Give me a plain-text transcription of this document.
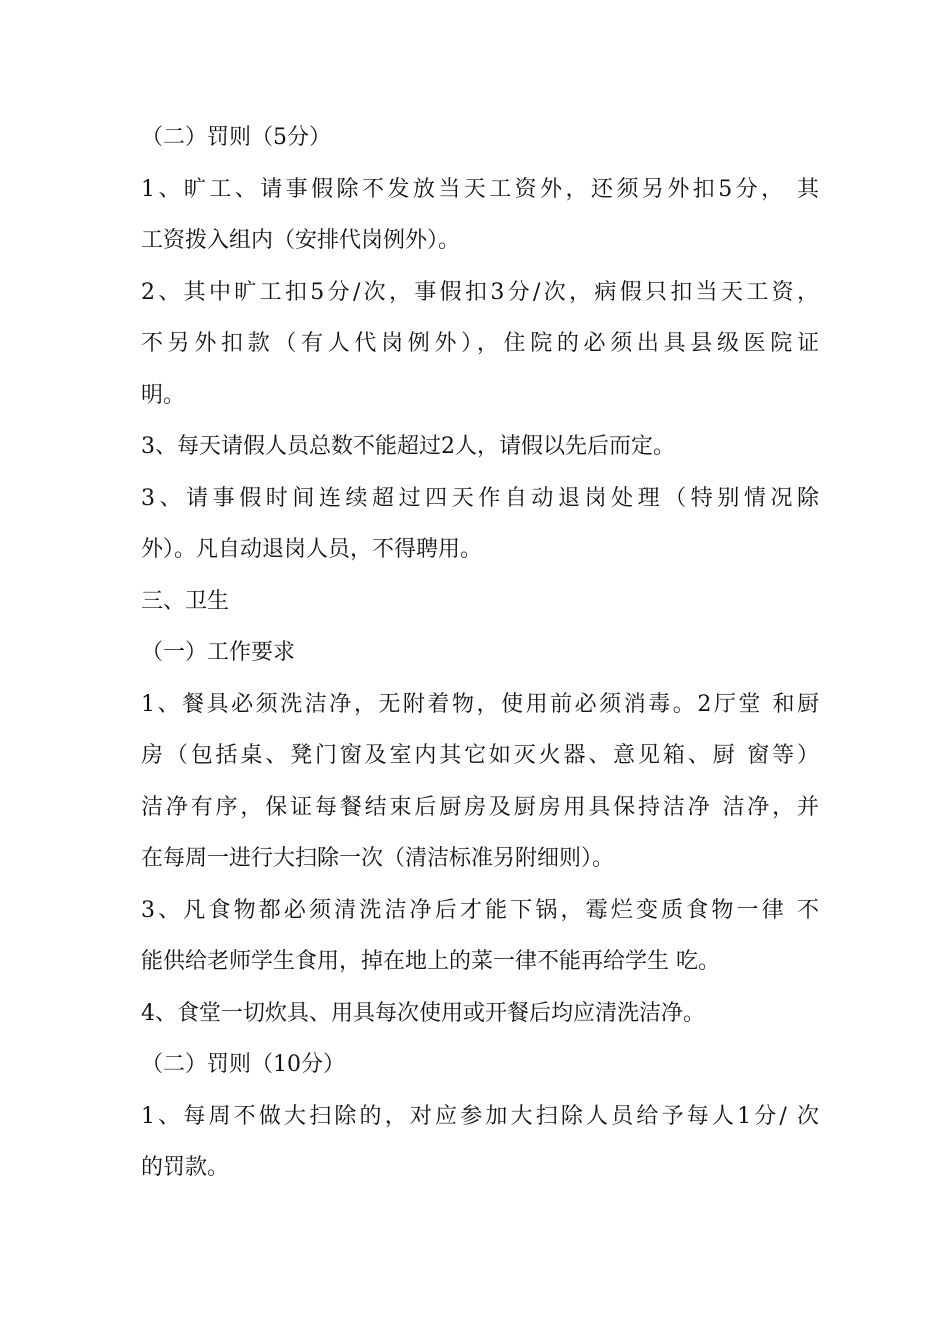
（二）罚则（5分）
1、旷工、请事假除不发放当天工资外，还须另外扣5分， 其
工资拨入组内（安排代岗例外）。
2、其中旷工扣5分/次，事假扣3分/次，病假只扣当天工资，
不另外扣款（有人代岗例外），住院的必须出具县级医院证
明。
3、每天请假人员总数不能超过2人，请假以先后而定。
3、请事假时间连续超过四天作自动退岗处理（特别情况除
外）。凡自动退岗人员，不得聘用。
三、卫生
（一）工作要求
1、餐具必须洗洁净，无附着物，使用前必须消毒。2厅堂 和厨
房（包括桌、凳门窗及室内其它如灭火器、意见箱、厨 窗等）
洁净有序，保证每餐结束后厨房及厨房用具保持洁净 洁净，并
在每周一进行大扫除一次（清洁标准另附细则）。
3、凡食物都必须清洗洁净后才能下锅，霉烂变质食物一律 不
能供给老师学生食用，掉在地上的菜一律不能再给学生 吃。
4、食堂一切炊具、用具每次使用或开餐后均应清洗洁净。
（二）罚则（10分）
1、每周不做大扫除的，对应参加大扫除人员给予每人1分/ 次
的罚款。
